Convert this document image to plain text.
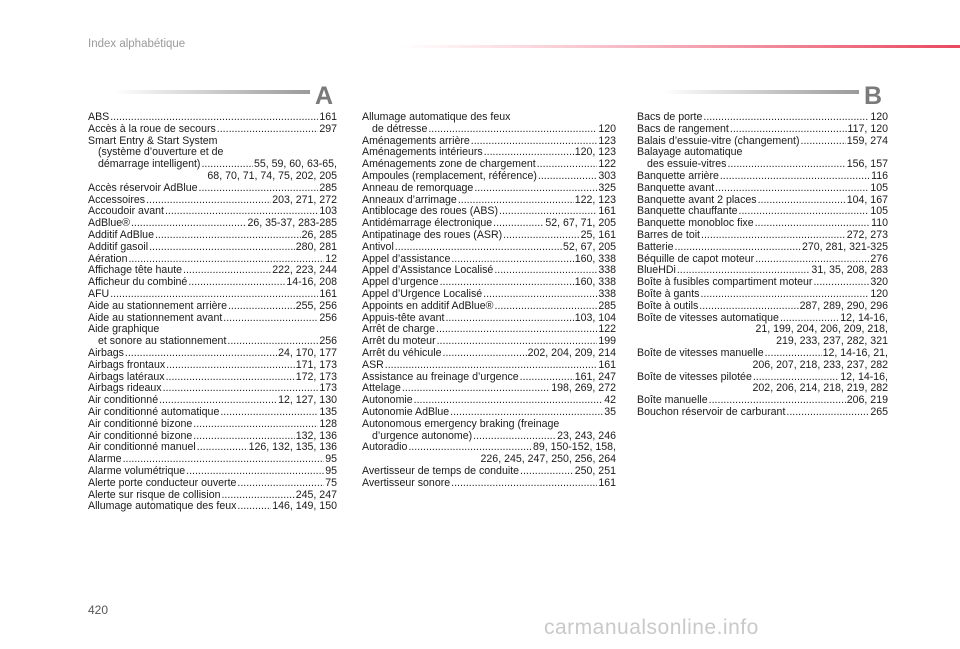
Index alphabétique
A	B
ABS .....	161
Accès à la roue de secours .....	297
Smart Entry & Start System
(système d’ouverture et de
démarrage intelligent) .....	55, 59, 60, 63-65,
68, 70, 71, 74, 75, 202, 205
Accès réservoir AdBlue .....	285
Accessoires .....	203, 271, 272
Accoudoir avant .....	103
AdBlue® .....	26, 35-37, 283-285
Additif AdBlue .....	26, 285
Additif gasoil .....	280, 281
Aération .....	12
Affichage tête haute .....	222, 223, 244
Afficheur du combiné .....	14-16, 208
AFU .....	161
Aide au stationnement arrière .....	255, 256
Aide au stationnement avant .....	256
Aide graphique
et sonore au stationnement .....	256
Airbags .....	24, 170, 177
Airbags frontaux .....	171, 173
Airbags latéraux .....	172, 173
Airbags rideaux .....	173
Air conditionné .....	12, 127, 130
Air conditionné automatique .....	135
Air conditionné bizone .....	128
Air conditionné bizone .....	132, 136
Air conditionné manuel .....	126, 132, 135, 136
Alarme .....	95
Alarme volumétrique .....	95
Alerte porte conducteur ouverte .....	75
Alerte sur risque de collision .....	245, 247
Allumage automatique des feux .....	146, 149, 150
Allumage automatique des feux
de détresse .....	120
Aménagements arrière .....	123
Aménagements intérieurs .....	120, 123
Aménagements zone de chargement .....	122
Ampoules (remplacement, référence) .....	303
Anneau de remorquage .....	325
Anneaux d’arrimage .....	122, 123
Antiblocage des roues (ABS) .....	161
Antidémarrage électronique .....	52, 67, 71, 205
Antipatinage des roues (ASR) .....	25, 161
Antivol .....	52, 67, 205
Appel d’assistance .....	160, 338
Appel d’Assistance Localisé .....	338
Appel d’urgence .....	160, 338
Appel d’Urgence Localisé .....	338
Appoints en additif AdBlue® .....	285
Appuis-tête avant .....	103, 104
Arrêt de charge .....	122
Arrêt du moteur .....	199
Arrêt du véhicule .....	202, 204, 209, 214
ASR .....	161
Assistance au freinage d’urgence .....	161, 247
Attelage .....	198, 269, 272
Autonomie .....	42
Autonomie AdBlue .....	35
Autonomous emergency braking (freinage
d’urgence autonome) .....	23, 243, 246
Autoradio .....	89, 150-152, 158,
226, 245, 247, 250, 256, 264
Avertisseur de temps de conduite .....	250, 251
Avertisseur sonore .....	161
Bacs de porte .....	120
Bacs de rangement .....	117, 120
Balais d’essuie-vitre (changement) .....	159, 274
Balayage automatique
des essuie-vitres .....	156, 157
Banquette arrière .....	116
Banquette avant .....	105
Banquette avant 2 places .....	104, 167
Banquette chauffante .....	105
Banquette monobloc fixe .....	110
Barres de toit .....	272, 273
Batterie .....	270, 281, 321-325
Béquille de capot moteur .....	276
BlueHDi .....	31, 35, 208, 283
Boîte à fusibles compartiment moteur .....	320
Boîte à gants .....	120
Boîte à outils .....	287, 289, 290, 296
Boîte de vitesses automatique .....	12, 14-16,
21, 199, 204, 206, 209, 218,
219, 233, 237, 282, 321
Boîte de vitesses manuelle .....	12, 14-16, 21,
206, 207, 218, 233, 237, 282
Boîte de vitesses pilotée .....	12, 14-16,
202, 206, 214, 218, 219, 282
Boîte manuelle .....	206, 219
Bouchon réservoir de carburant .....	265
420
carmanualsonline.info
